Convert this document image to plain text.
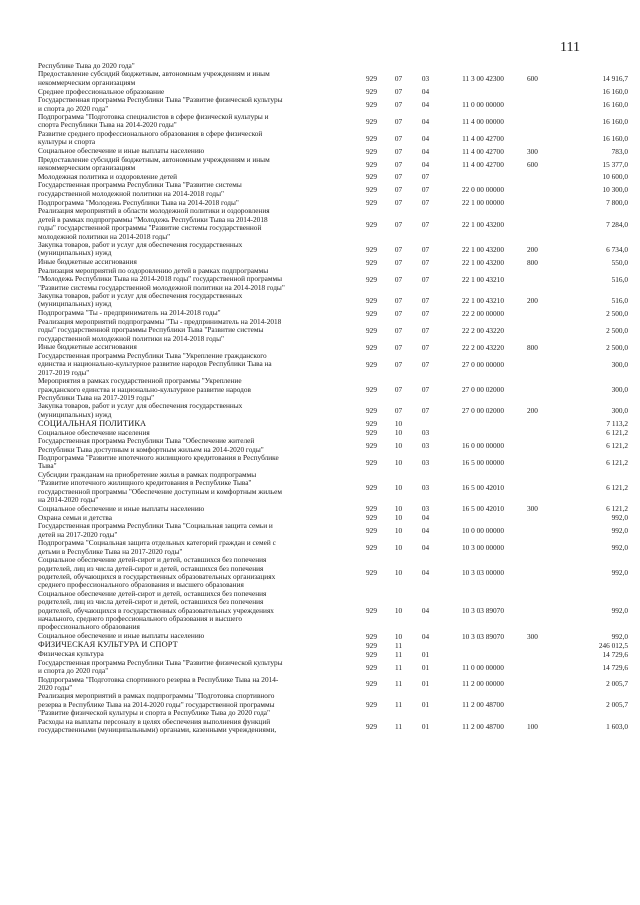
111
Республике Тыва до 2020 года"
Предоставление субсидий бюджетным, автономным учреждениям и иным
некоммерческим организациям	929	07	03	11 3 00 42300	600	14 916,7
Среднее профессиональное образование	929	07	04	16 160,0
Государственная программа Республики Тыва "Развитие физической культуры
и спорта до 2020 года"	929	07	04	11 0 00 00000	16 160,0
Подпрограмма "Подготовка специалистов в сфере физической культуры и
спорта Республики Тыва на 2014-2020 годы"	929	07	04	11 4 00 00000	16 160,0
Развитие среднего профессионального образования в сфере физической
культуры и спорта	929	07	04	11 4 00 42700	16 160,0
Социальное обеспечение и иные выплаты населению	929	07	04	11 4 00 42700	300	783,0
Предоставление субсидий бюджетным, автономным учреждениям и иным
некоммерческим организациям	929	07	04	11 4 00 42700	600	15 377,0
Молодежная политика и оздоровление детей	929	07	07	10 600,0
Государственная программа Республики Тыва "Развитие системы
государственной молодежной политики на 2014-2018 годы"	929	07	07	22 0 00 00000	10 300,0
Подпрограмма "Молодежь Республики Тыва на 2014-2018 годы"	929	07	07	22 1 00 00000	7 800,0
Реализация мероприятий в области молодежной политики и оздоровления
детей в рамках подпрограммы "Молодежь Республики Тыва на 2014-2018
годы" государственной программы "Развитие системы государственной
молодежной политики на 2014-2018 годы"
929	07	07	22 1 00 43200	7 284,0
Закупка товаров, работ и услуг для обеспечения государственных
(муниципальных) нужд	929	07	07	22 1 00 43200	200	6 734,0
Иные бюджетные ассигнования	929	07	07	22 1 00 43200	800	550,0
Реализация мероприятий по оздоровлению детей в рамках подпрограммы
"Молодежь Республики Тыва на 2014-2018 годы" государственной программы
"Развитие системы государственной молодежной политики на 2014-2018 годы"
929	07	07	22 1 00 43210	516,0
Закупка товаров, работ и услуг для обеспечения государственных
(муниципальных) нужд	929	07	07	22 1 00 43210	200	516,0
Подпрограмма "Ты - предприниматель на 2014-2018 годы"	929	07	07	22 2 00 00000	2 500,0
Реализация мероприятий подпрограммы "Ты - предприниматель на 2014-2018
годы" государственной программы Республики Тыва "Развитие системы
государственной молодежной политики на 2014-2018 годы"
929	07	07	22 2 00 43220	2 500,0
Иные бюджетные ассигнования	929	07	07	22 2 00 43220	800	2 500,0
Государственная программа Республики Тыва "Укрепление гражданского
единства и национально-культурное развитие народов Республики Тыва на
2017-2019 годы"
929	07	07	27 0 00 00000	300,0
Мероприятия в рамках государственной программы "Укрепление
гражданского единства и национально-культурное развитие народов
Республики Тыва на 2017-2019 годы"
929	07	07	27 0 00 02000	300,0
Закупка товаров, работ и услуг для обеспечения государственных
(муниципальных) нужд	929	07	07	27 0 00 02000	200	300,0
СОЦИАЛЬНАЯ ПОЛИТИКА	929	10	7 113,2
Социальное обеспечение населения	929	10	03	6 121,2
Государственная программа Республики Тыва "Обеспечение жителей
Республики Тыва доступным и комфортным жильем на 2014-2020 годы"	929	10	03	16 0 00 00000	6 121,2
Подпрограмма "Развитие ипотечного жилищного кредитования в Республике
Тыва"	929	10	03	16 5 00 00000	6 121,2
Субсидии гражданам на приобретение жилья в рамках подпрограммы
"Развитие ипотечного жилищного кредитования в Республике Тыва"
государственной программы "Обеспечение доступным и комфортным жильем
на 2014-2020 годы"
929	10	03	16 5 00 42010	6 121,2
Социальное обеспечение и иные выплаты населению	929	10	03	16 5 00 42010	300	6 121,2
Охрана семьи и детства	929	10	04	992,0
Государственная программа Республики Тыва "Социальная защита семьи и
детей на 2017-2020 годы"	929	10	04	10 0 00 00000	992,0
Подпрограмма "Социальная защита отдельных категорий граждан и семей с
детьми в Республике Тыва на 2017-2020 годы"	929	10	04	10 3 00 00000	992,0
Социальное обеспечение детей-сирот и детей, оставшихся без попечения
родителей, лиц из числа детей-сирот и детей, оставшихся без попечения
родителей, обучающихся в государственных образовательных организациях
среднего профессионального образования и высшего образования
929	10	04	10 3 03 00000	992,0
Социальное обеспечение детей-сирот и детей, оставшихся без попечения
родителей, лиц из числа детей-сирот и детей, оставшихся без попечения
родителей, обучающихся в государственных образовательных учреждениях
начального, среднего профессионального образования и высшего
профессионального образования
929	10	04	10 3 03 89070	992,0
Социальное обеспечение и иные выплаты населению	929	10	04	10 3 03 89070	300	992,0
ФИЗИЧЕСКАЯ КУЛЬТУРА И СПОРТ	929	11	246 012,5
Физическая культура	929	11	01	14 729,6
Государственная программа Республики Тыва "Развитие физической культуры
и спорта до 2020 года"	929	11	01	11 0 00 00000	14 729,6
Подпрограмма "Подготовка спортивного резерва в Республике Тыва на 2014-
2020 годы"	929	11	01	11 2 00 00000	2 005,7
Реализация мероприятий в рамках подпрограммы "Подготовка спортивного
резерва в Республике Тыва на 2014-2020 годы" государственной программы
"Развитие физической культуры и спорта в Республике Тыва до 2020 года"
929	11	01	11 2 00 48700	2 005,7
Расходы на выплаты персоналу в целях обеспечения выполнения функций
государственными (муниципальными) органами, казенными учреждениями,	929	11	01	11 2 00 48700	100	1 603,0
